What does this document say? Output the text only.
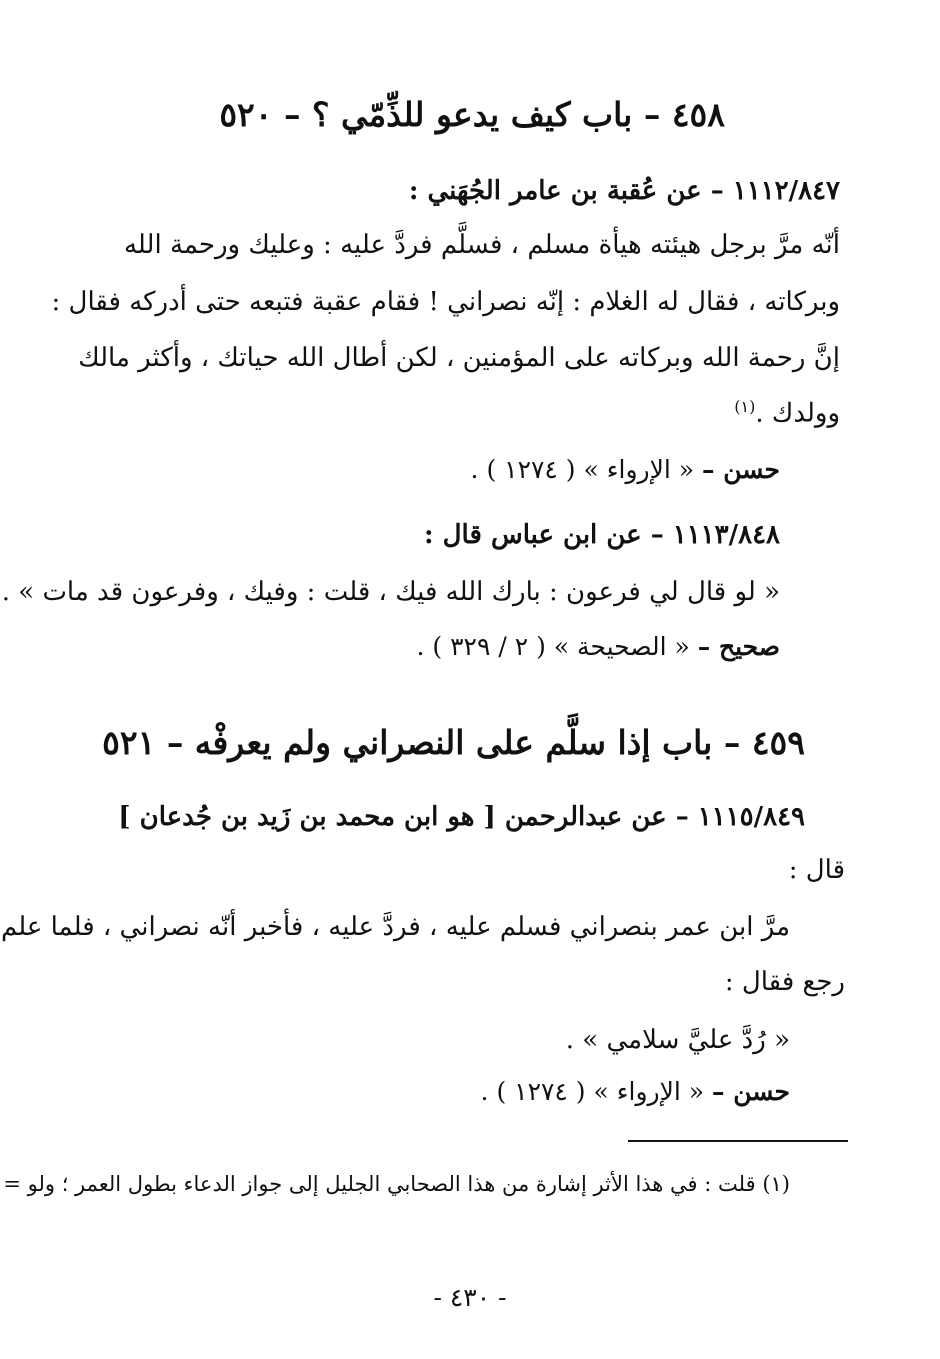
٤٥٨ – باب كيف يدعو للذِّمّي ؟ – ٥٢٠
١١١٢/٨٤٧ – عن عُقبة بن عامر الجُهَني :
أنّه مرَّ برجل هيئته هيأة مسلم ، فسلَّم فردَّ عليه : وعليك ورحمة الله
وبركاته ، فقال له الغلام : إنّه نصراني ! فقام عقبة فتبعه حتى أدركه فقال :
إنَّ رحمة الله وبركاته على المؤمنين ، لكن أطال الله حياتك ، وأكثر مالك
وولدك .$^{(١)}$
حسن – « الإرواء » ( ١٢٧٤ ) .
١١١٣/٨٤٨ – عن ابن عباس قال :
« لو قال لي فرعون : بارك الله فيك ، قلت : وفيك ، وفرعون قد مات » .
صحيح – « الصحيحة » ( ٢ / ٣٢٩ ) .
٤٥٩ – باب إذا سلَّم على النصراني ولم يعرفْه – ٥٢١
١١١٥/٨٤٩ – عن عبدالرحمن [ هو ابن محمد بن زَيد بن جُدعان ]
قال :
مرَّ ابن عمر بنصراني فسلم عليه ، فردَّ عليه ، فأخبر أنّه نصراني ، فلما علم
رجع فقال :
« رُدَّ عليَّ سلامي » .
حسن – « الإرواء » ( ١٢٧٤ ) .
(١) قلت : في هذا الأثر إشارة من هذا الصحابي الجليل إلى جواز الدعاء بطول العمر ؛ ولو =
- ٤٣٠ -
